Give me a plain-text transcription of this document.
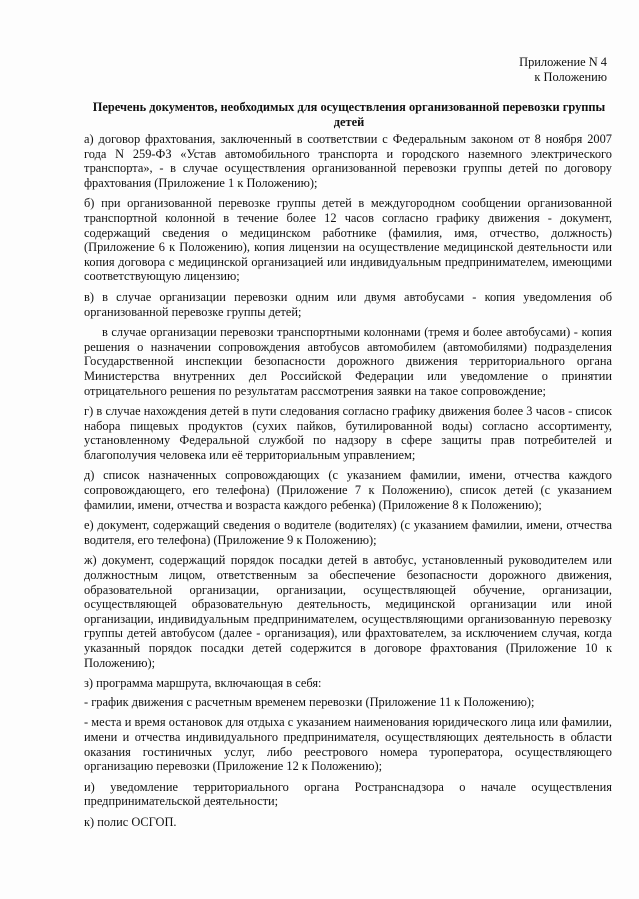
Приложение N 4
к Положению
Перечень документов, необходимых для осуществления организованной перевозки группы детей

а) договор фрахтования, заключенный в соответствии с Федеральным законом от 8 ноября 2007 года N 259-ФЗ «Устав автомобильного транспорта и городского наземного электрического транспорта», - в случае осуществления организованной перевозки группы детей по договору фрахтования (Приложение 1 к Положению);

б) при организованной перевозке группы детей в междугородном сообщении организованной транспортной колонной в течение более 12 часов согласно графику движения - документ, содержащий сведения о медицинском работнике (фамилия, имя, отчество, должность) (Приложение 6 к Положению), копия лицензии на осуществление медицинской деятельности или копия договора с медицинской организацией или индивидуальным предпринимателем, имеющими соответствующую лицензию;

в) в случае организации перевозки одним или двумя автобусами - копия уведомления об организованной перевозке группы детей;

в случае организации перевозки транспортными колоннами (тремя и более автобусами) - копия решения о назначении сопровождения автобусов автомобилем (автомобилями) подразделения Государственной инспекции безопасности дорожного движения территориального органа Министерства внутренних дел Российской Федерации или уведомление о принятии отрицательного решения по результатам рассмотрения заявки на такое сопровождение;

г) в случае нахождения детей в пути следования согласно графику движения более 3 часов - список набора пищевых продуктов (сухих пайков, бутилированной воды) согласно ассортименту, установленному Федеральной службой по надзору в сфере защиты прав потребителей и благополучия человека или её территориальным управлением;

д) список назначенных сопровождающих (с указанием фамилии, имени, отчества каждого сопровождающего, его телефона) (Приложение 7 к Положению), список детей (с указанием фамилии, имени, отчества и возраста каждого ребенка) (Приложение 8 к Положению);

е) документ, содержащий сведения о водителе (водителях) (с указанием фамилии, имени, отчества водителя, его телефона) (Приложение 9 к Положению);

ж) документ, содержащий порядок посадки детей в автобус, установленный руководителем или должностным лицом, ответственным за обеспечение безопасности дорожного движения, образовательной организации, организации, осуществляющей обучение, организации, осуществляющей образовательную деятельность, медицинской организации или иной организации, индивидуальным предпринимателем, осуществляющими организованную перевозку группы детей автобусом (далее - организация), или фрахтователем, за исключением случая, когда указанный порядок посадки детей содержится в договоре фрахтования (Приложение 10 к Положению);

з) программа маршрута, включающая в себя:

- график движения с расчетным временем перевозки (Приложение 11 к Положению);

- места и время остановок для отдыха с указанием наименования юридического лица или фамилии, имени и отчества индивидуального предпринимателя, осуществляющих деятельность в области оказания гостиничных услуг, либо реестрового номера туроператора, осуществляющего организацию перевозки (Приложение 12 к Положению);

и) уведомление территориального органа Ространснадзора о начале осуществления предпринимательской деятельности;

к) полис ОСГОП.
